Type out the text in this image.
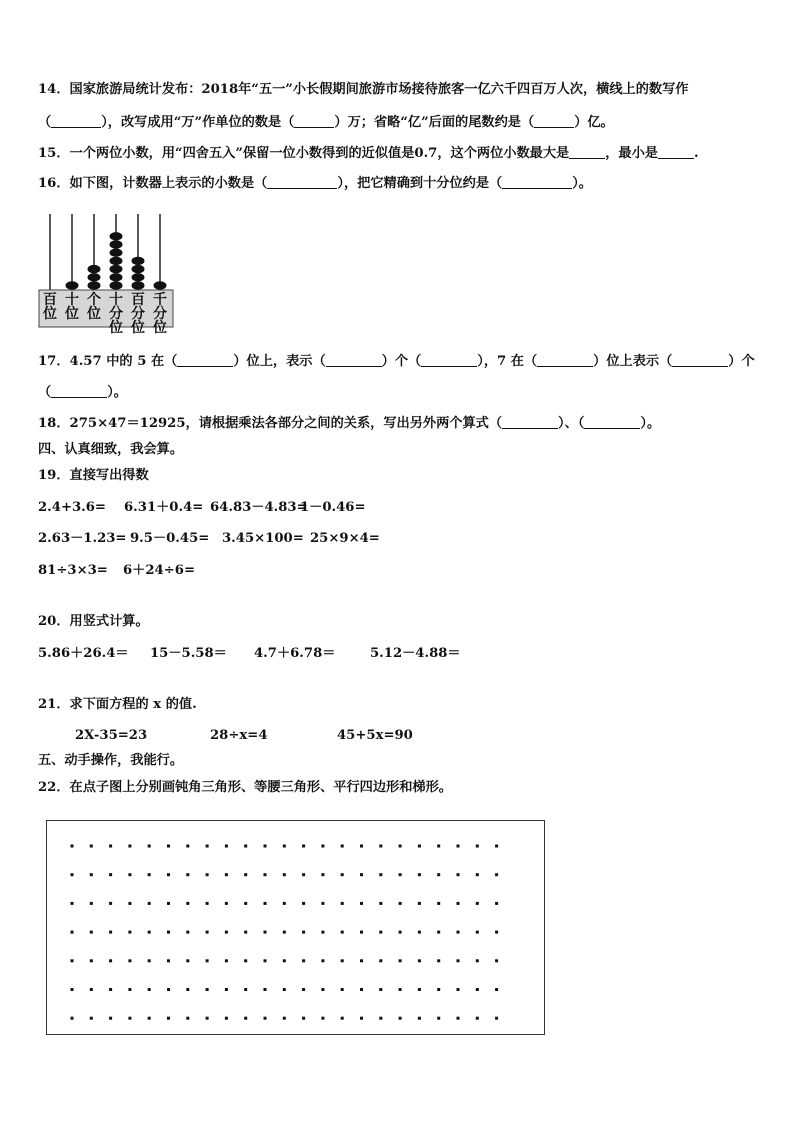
14．国家旅游局统计发布：2018年“五一”小长假期间旅游市场接待旅客一亿六千四百万人次，横线上的数写作
（	），改写成用“万”作单位的数是（	）万；省略“亿”后面的尾数约是（	）亿。
15．一个两位小数，用“四舍五入”保留一位小数得到的近似值是0.7，这个两位小数最大是	，最小是	.
16．如下图，计数器上表示的小数是（	），把它精确到十分位约是（	）。
百
位
十
位
个
位
十
分
位
百
分
位
千
分
位
17．4.57 中的 5 在（	）位上，表示（	）个（	），7 在（	）位上表示（	）个
（	）。
18．275×47＝12925，请根据乘法各部分之间的关系，写出另外两个算式（	）、（	）。
四、认真细致，我会算。
19．直接写出得数
2.4+3.6= 6.31＋0.4= 64.83－4.83=
1－0.46=
2.63－1.23= 9.5－0.45= 3.45×100= 25×9×4=
81÷3×3= 6＋24÷6=
20．用竖式计算。
5.86＋26.4＝ 15－5.58＝ 4.7＋6.78＝	5.12－4.88＝
21．求下面方程的 x 的值.
2X-35=23	28÷x=4	45+5x=90
五、动手操作，我能行。
22．在点子图上分别画钝角三角形、等腰三角形、平行四边形和梯形。
